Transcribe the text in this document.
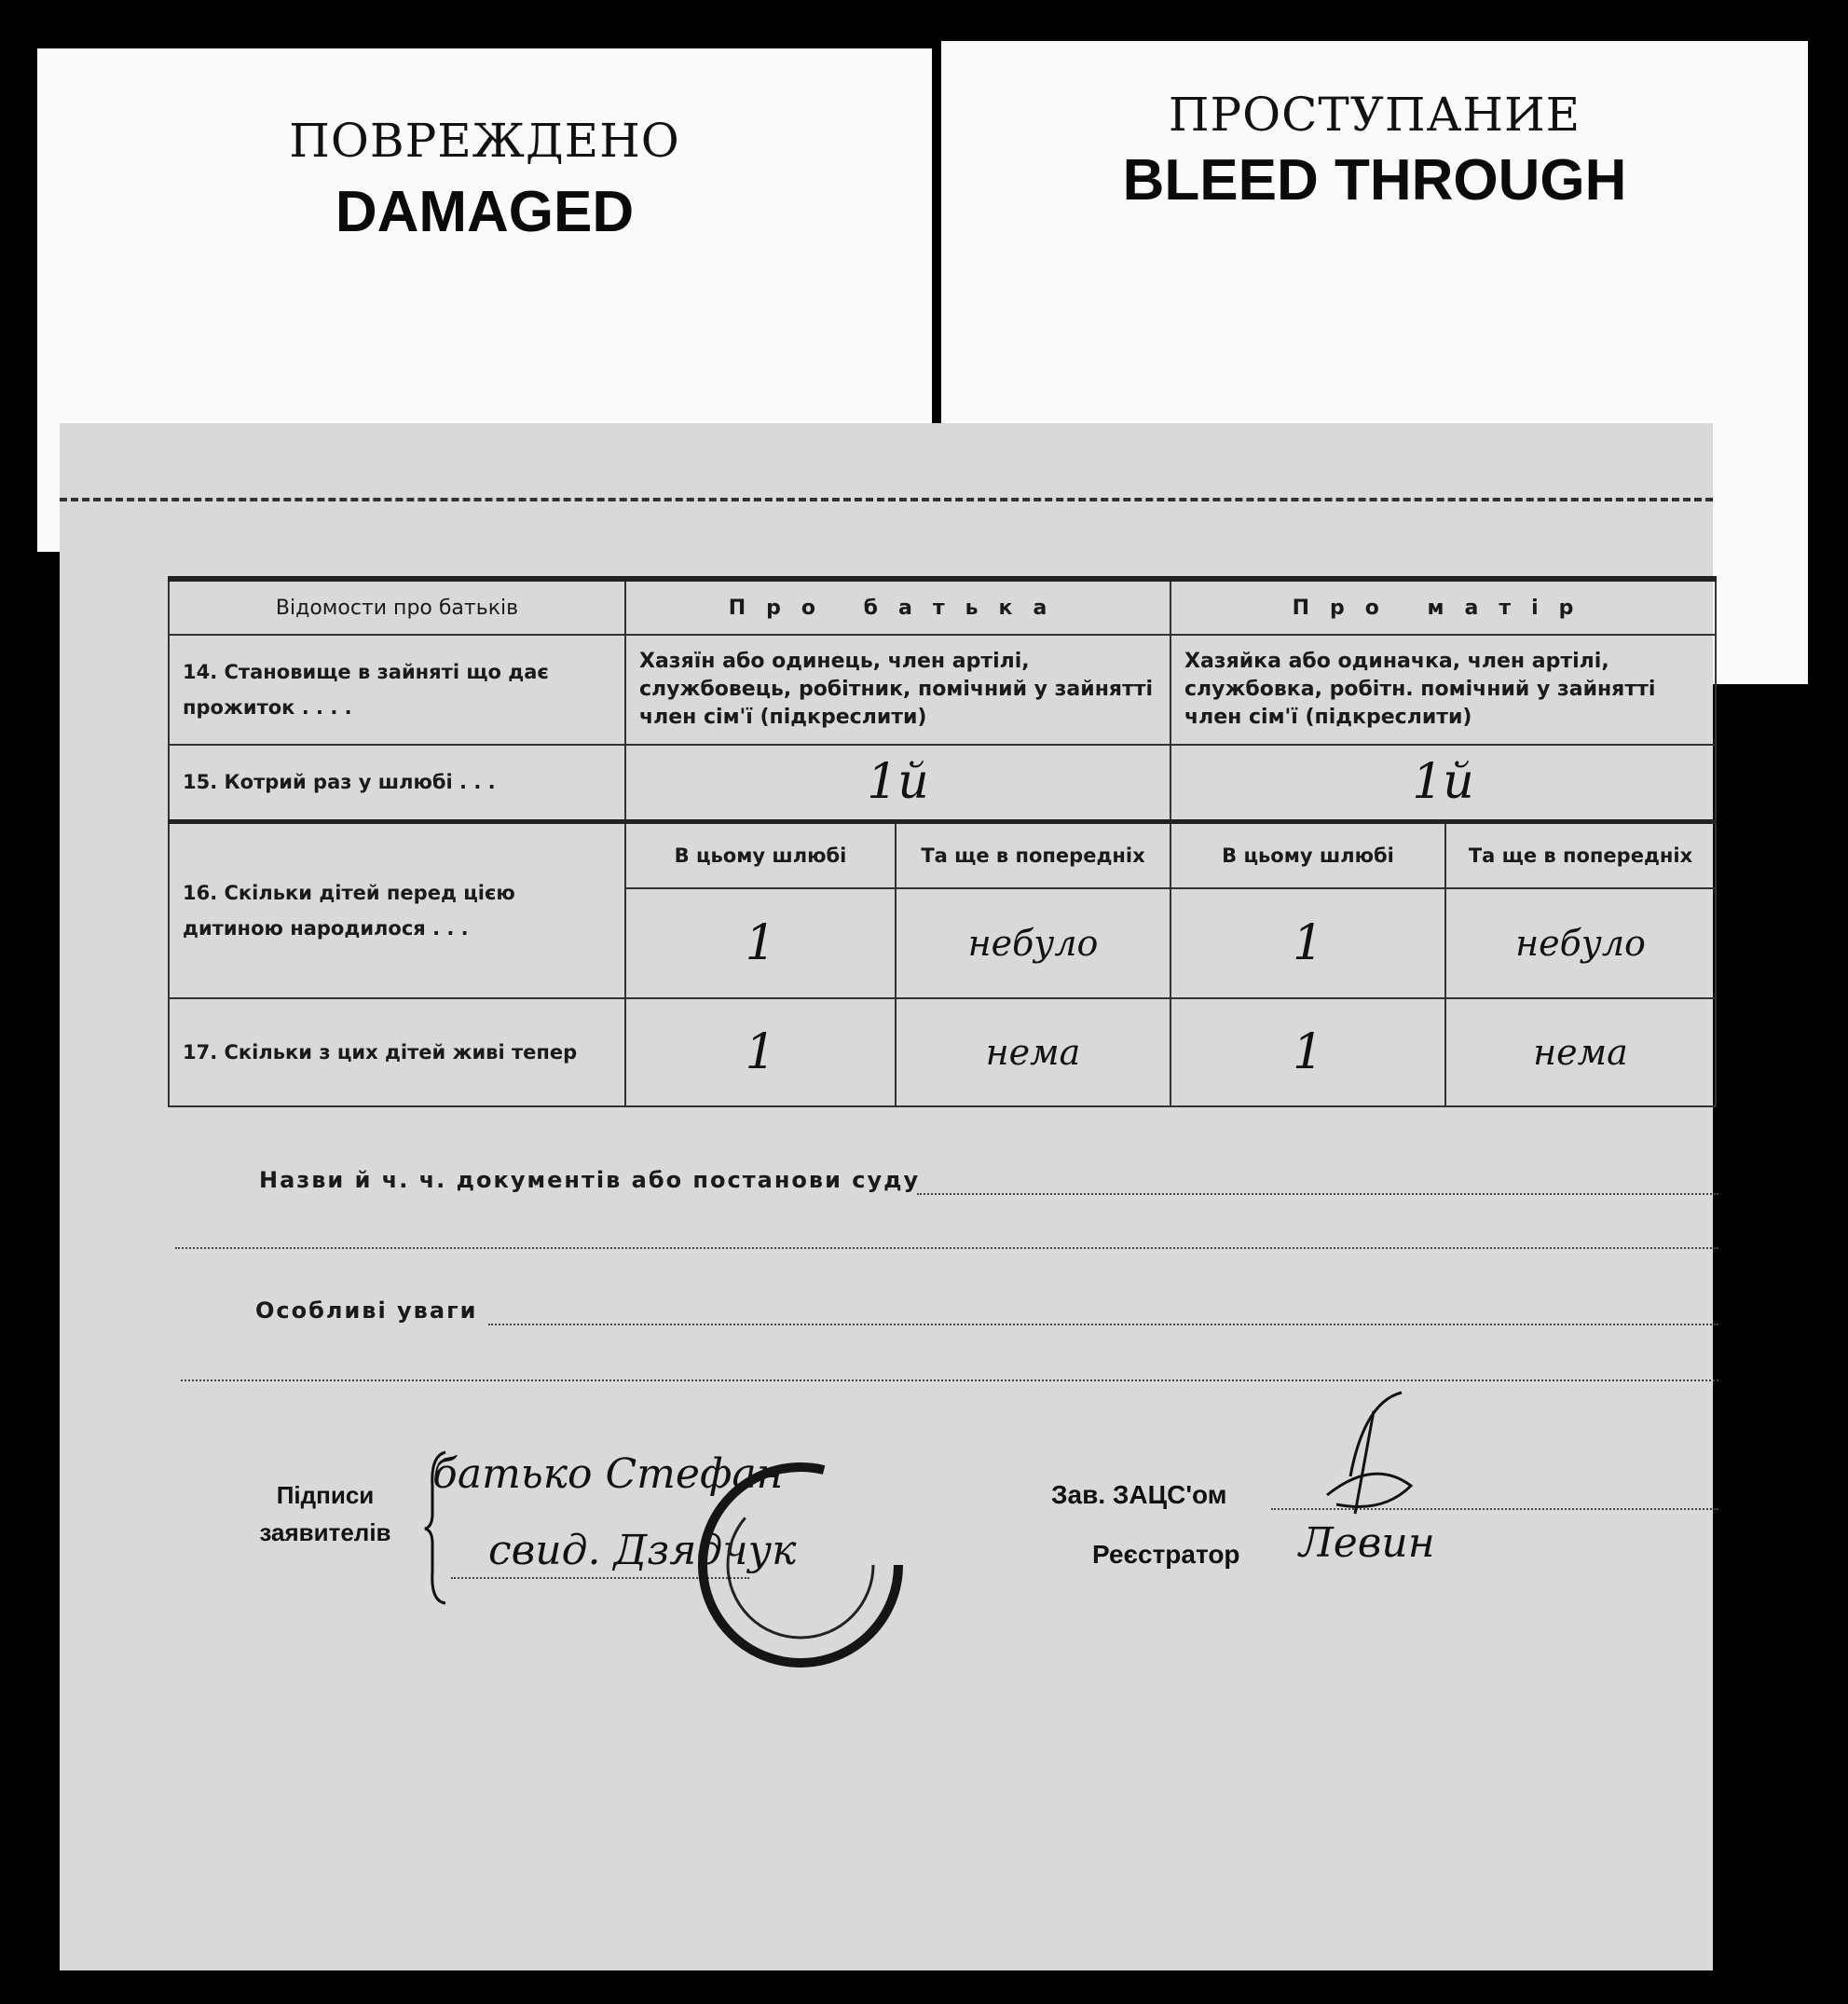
ПОВРЕЖДЕНО
DAMAGED
ПРОСТУПАНИЕ
BLEED THROUGH
Відомости про батьків	Про батька		Про матір	
14. Становище в зайняті що дає прожиток . . . .	Хазяїн або одинець, член артілі, службовець, робітник, помічний у зайнятті член сім'ї (підкреслити)		Хазяйка або одиначка, член артілі, службовка, робітн. помічний у зайнятті член сім'ї (підкреслити)	
15. Котрий раз у шлюбі . . .	1й		1й	
16. Скільки дітей перед цією дитиною народилося . . .	В цьому шлюбі	Та ще в попередніх	В цьому шлюбі	Та ще в попередніх
	1	небуло	1	небуло
17. Скільки з цих дітей живі тепер	1	нема	1	нема
Назви й ч. ч. документів або постанови суду
Особливі уваги
Підписи заявителів
батько Стефан
свид. Дзядчук
Зав. ЗАЦС'ом
Реєстратор Левин
